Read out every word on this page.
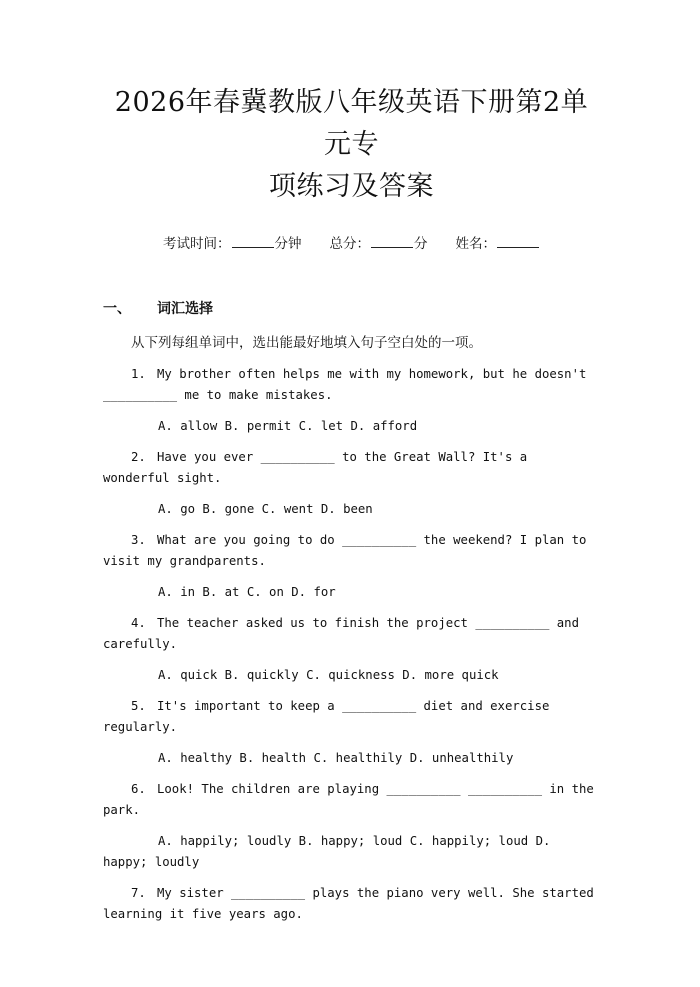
2026年春冀教版八年级英语下册第2单元专
项练习及答案
考试时间：	分钟 总分：	分 姓名：
一、 词汇选择
从下列每组单词中，选出能最好地填入句子空白处的一项。
1. My brother often helps me with my homework, but he doesn't __________ me to make mistakes.
A. allow B. permit C. let D. afford
2. Have you ever __________ to the Great Wall? It's a wonderful sight.
A. go B. gone C. went D. been
3. What are you going to do __________ the weekend? I plan to visit my grandparents.
A. in B. at C. on D. for
4. The teacher asked us to finish the project __________ and carefully.
A. quick B. quickly C. quickness D. more quick
5. It's important to keep a __________ diet and exercise regularly.
A. healthy B. health C. healthily D. unhealthily
6. Look! The children are playing __________ __________ in the park.
A. happily; loudly B. happy; loud C. happily; loud D. happy; loudly
7. My sister __________ plays the piano very well. She started learning it five years ago.
